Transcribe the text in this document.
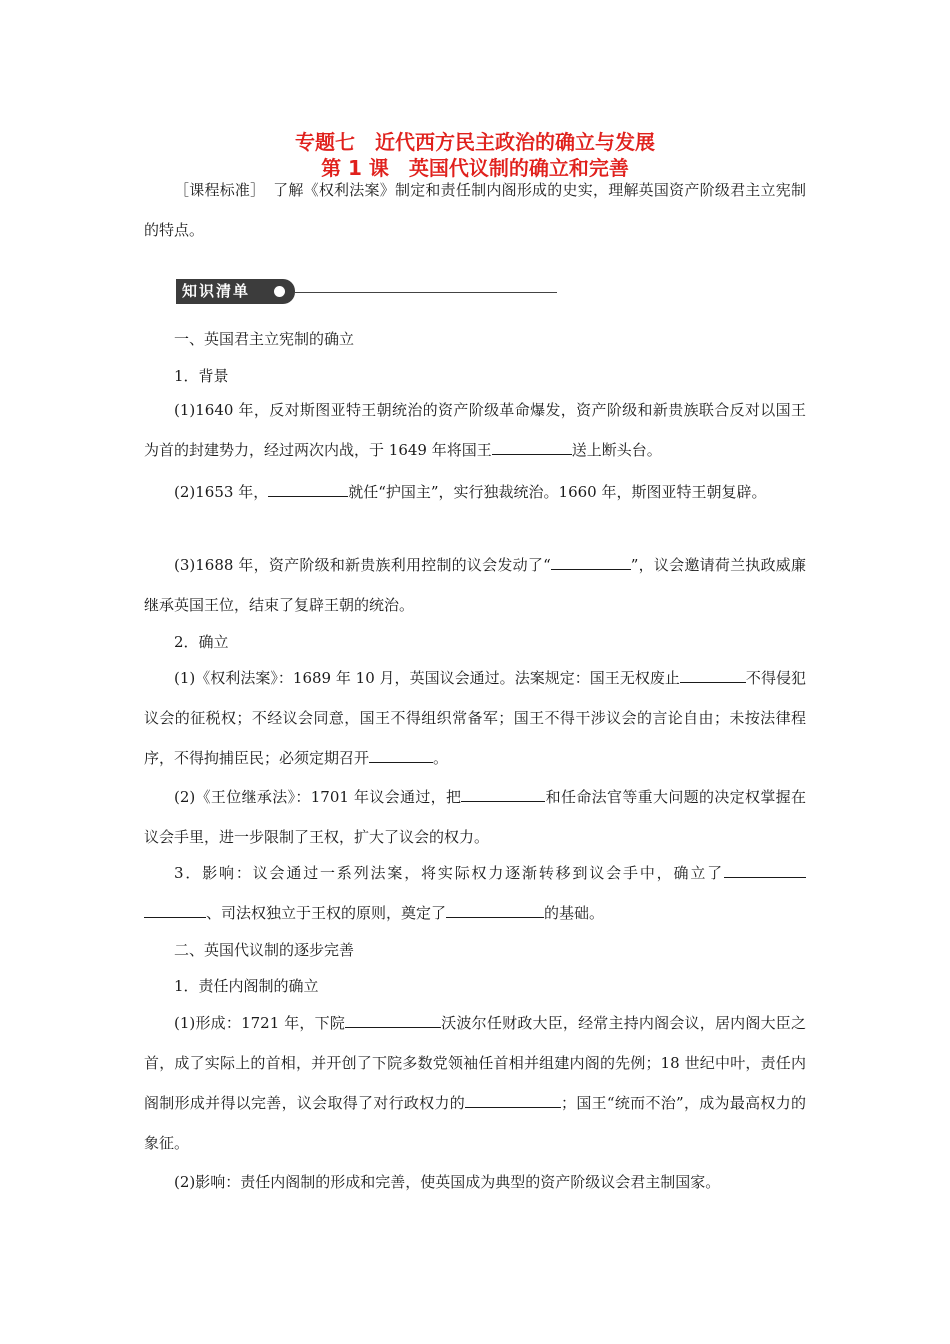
专题七　近代西方民主政治的确立与发展
第 1 课　英国代议制的确立和完善
［课程标准］　了解《权利法案》制定和责任制内阁形成的史实，理解英国资产阶级君主立宪制的特点。
知识清单
一、英国君主立宪制的确立
1．背景
(1)1640 年，反对斯图亚特王朝统治的资产阶级革命爆发，资产阶级和新贵族联合反对以国王为首的封建势力，经过两次内战，于 1649 年将国王	送上断头台。
(2)1653 年，	就任“护国主”，实行独裁统治。1660 年，斯图亚特王朝复辟。
(3)1688 年，资产阶级和新贵族利用控制的议会发动了“	”，议会邀请荷兰执政威廉继承英国王位，结束了复辟王朝的统治。
2．确立
(1)《权利法案》：1689 年 10 月，英国议会通过。法案规定：国王无权废止	不得侵犯议会的征税权；不经议会同意，国王不得组织常备军；国王不得干涉议会的言论自由；未按法律程序，不得拘捕臣民；必须定期召开	。
(2)《王位继承法》：1701 年议会通过，把	和任命法官等重大问题的决定权掌握在议会手里，进一步限制了王权，扩大了议会的权力。
3．影响：议会通过一系列法案，将实际权力逐渐转移到议会手中，确立了、司法权独立于王权的原则，奠定了	的基础。
二、英国代议制的逐步完善
1．责任内阁制的确立
(1)形成：1721 年，下院	沃波尔任财政大臣，经常主持内阁会议，居内阁大臣之首，成了实际上的首相，并开创了下院多数党领袖任首相并组建内阁的先例；18 世纪中叶，责任内阁制形成并得以完善，议会取得了对行政权力的	；国王“统而不治”，成为最高权力的象征。
(2)影响：责任内阁制的形成和完善，使英国成为典型的资产阶级议会君主制国家。
